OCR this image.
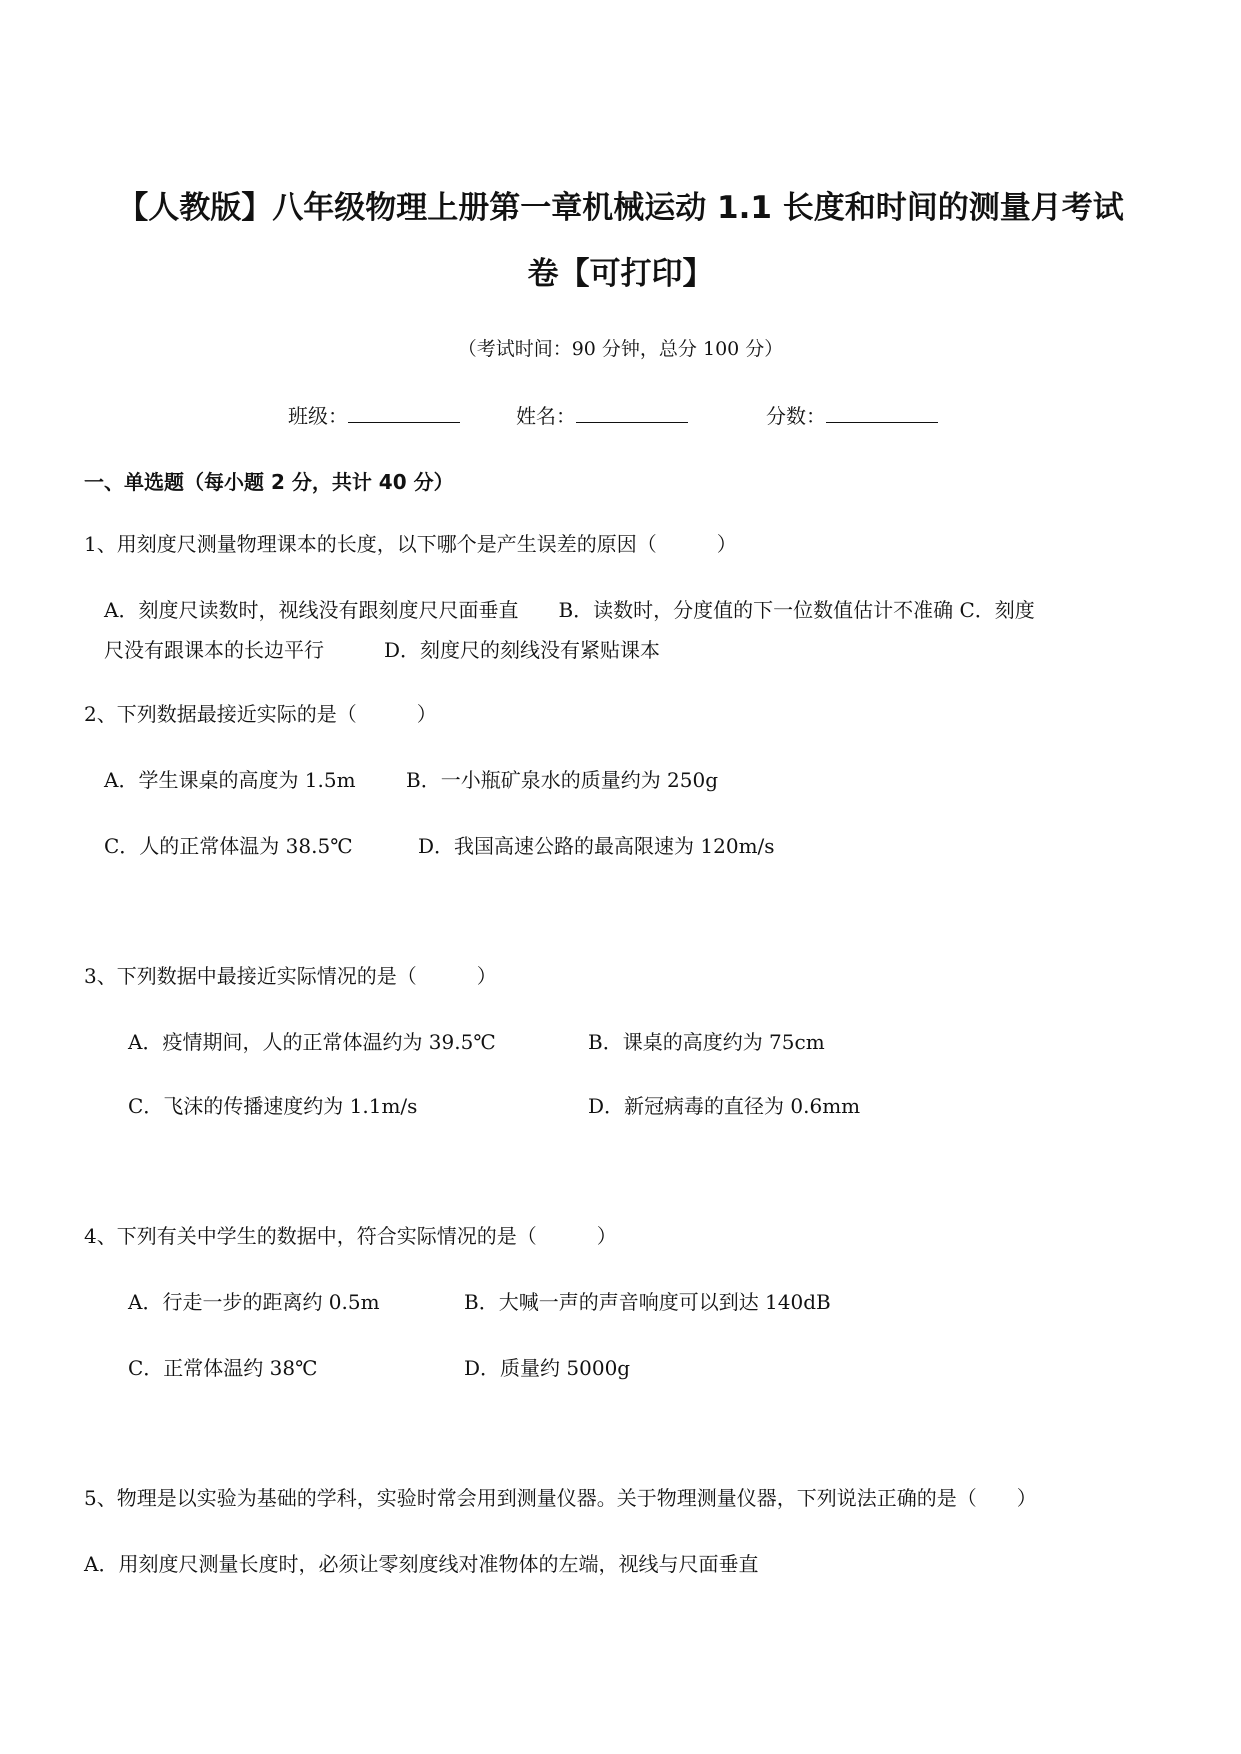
【人教版】八年级物理上册第一章机械运动 1.1 长度和时间的测量月考试
卷【可打印】
（考试时间：90 分钟，总分 100 分）
班级：	姓名：	分数：
一、单选题（每小题 2 分，共计 40 分）
1、用刻度尺测量物理课本的长度，以下哪个是产生误差的原因（　　　）
A．刻度尺读数时，视线没有跟刻度尺尺面垂直　　B．读数时，分度值的下一位数值估计不准确 C．刻度
尺没有跟课本的长边平行　　　D．刻度尺的刻线没有紧贴课本
2、下列数据最接近实际的是（　　　）
A．学生课桌的高度为 1.5m	B．一小瓶矿泉水的质量约为 250g
C．人的正常体温为 38.5℃	D．我国高速公路的最高限速为 120m/s
3、下列数据中最接近实际情况的是（　　　）
A．疫情期间，人的正常体温约为 39.5℃	B．课桌的高度约为 75cm
C．飞沫的传播速度约为 1.1m/s	D．新冠病毒的直径为 0.6mm
4、下列有关中学生的数据中，符合实际情况的是（　　　）
A．行走一步的距离约 0.5m	B．大喊一声的声音响度可以到达 140dB
C．正常体温约 38℃	D．质量约 5000g
5、物理是以实验为基础的学科，实验时常会用到测量仪器。关于物理测量仪器，下列说法正确的是（　　）
A．用刻度尺测量长度时，必须让零刻度线对准物体的左端，视线与尺面垂直
